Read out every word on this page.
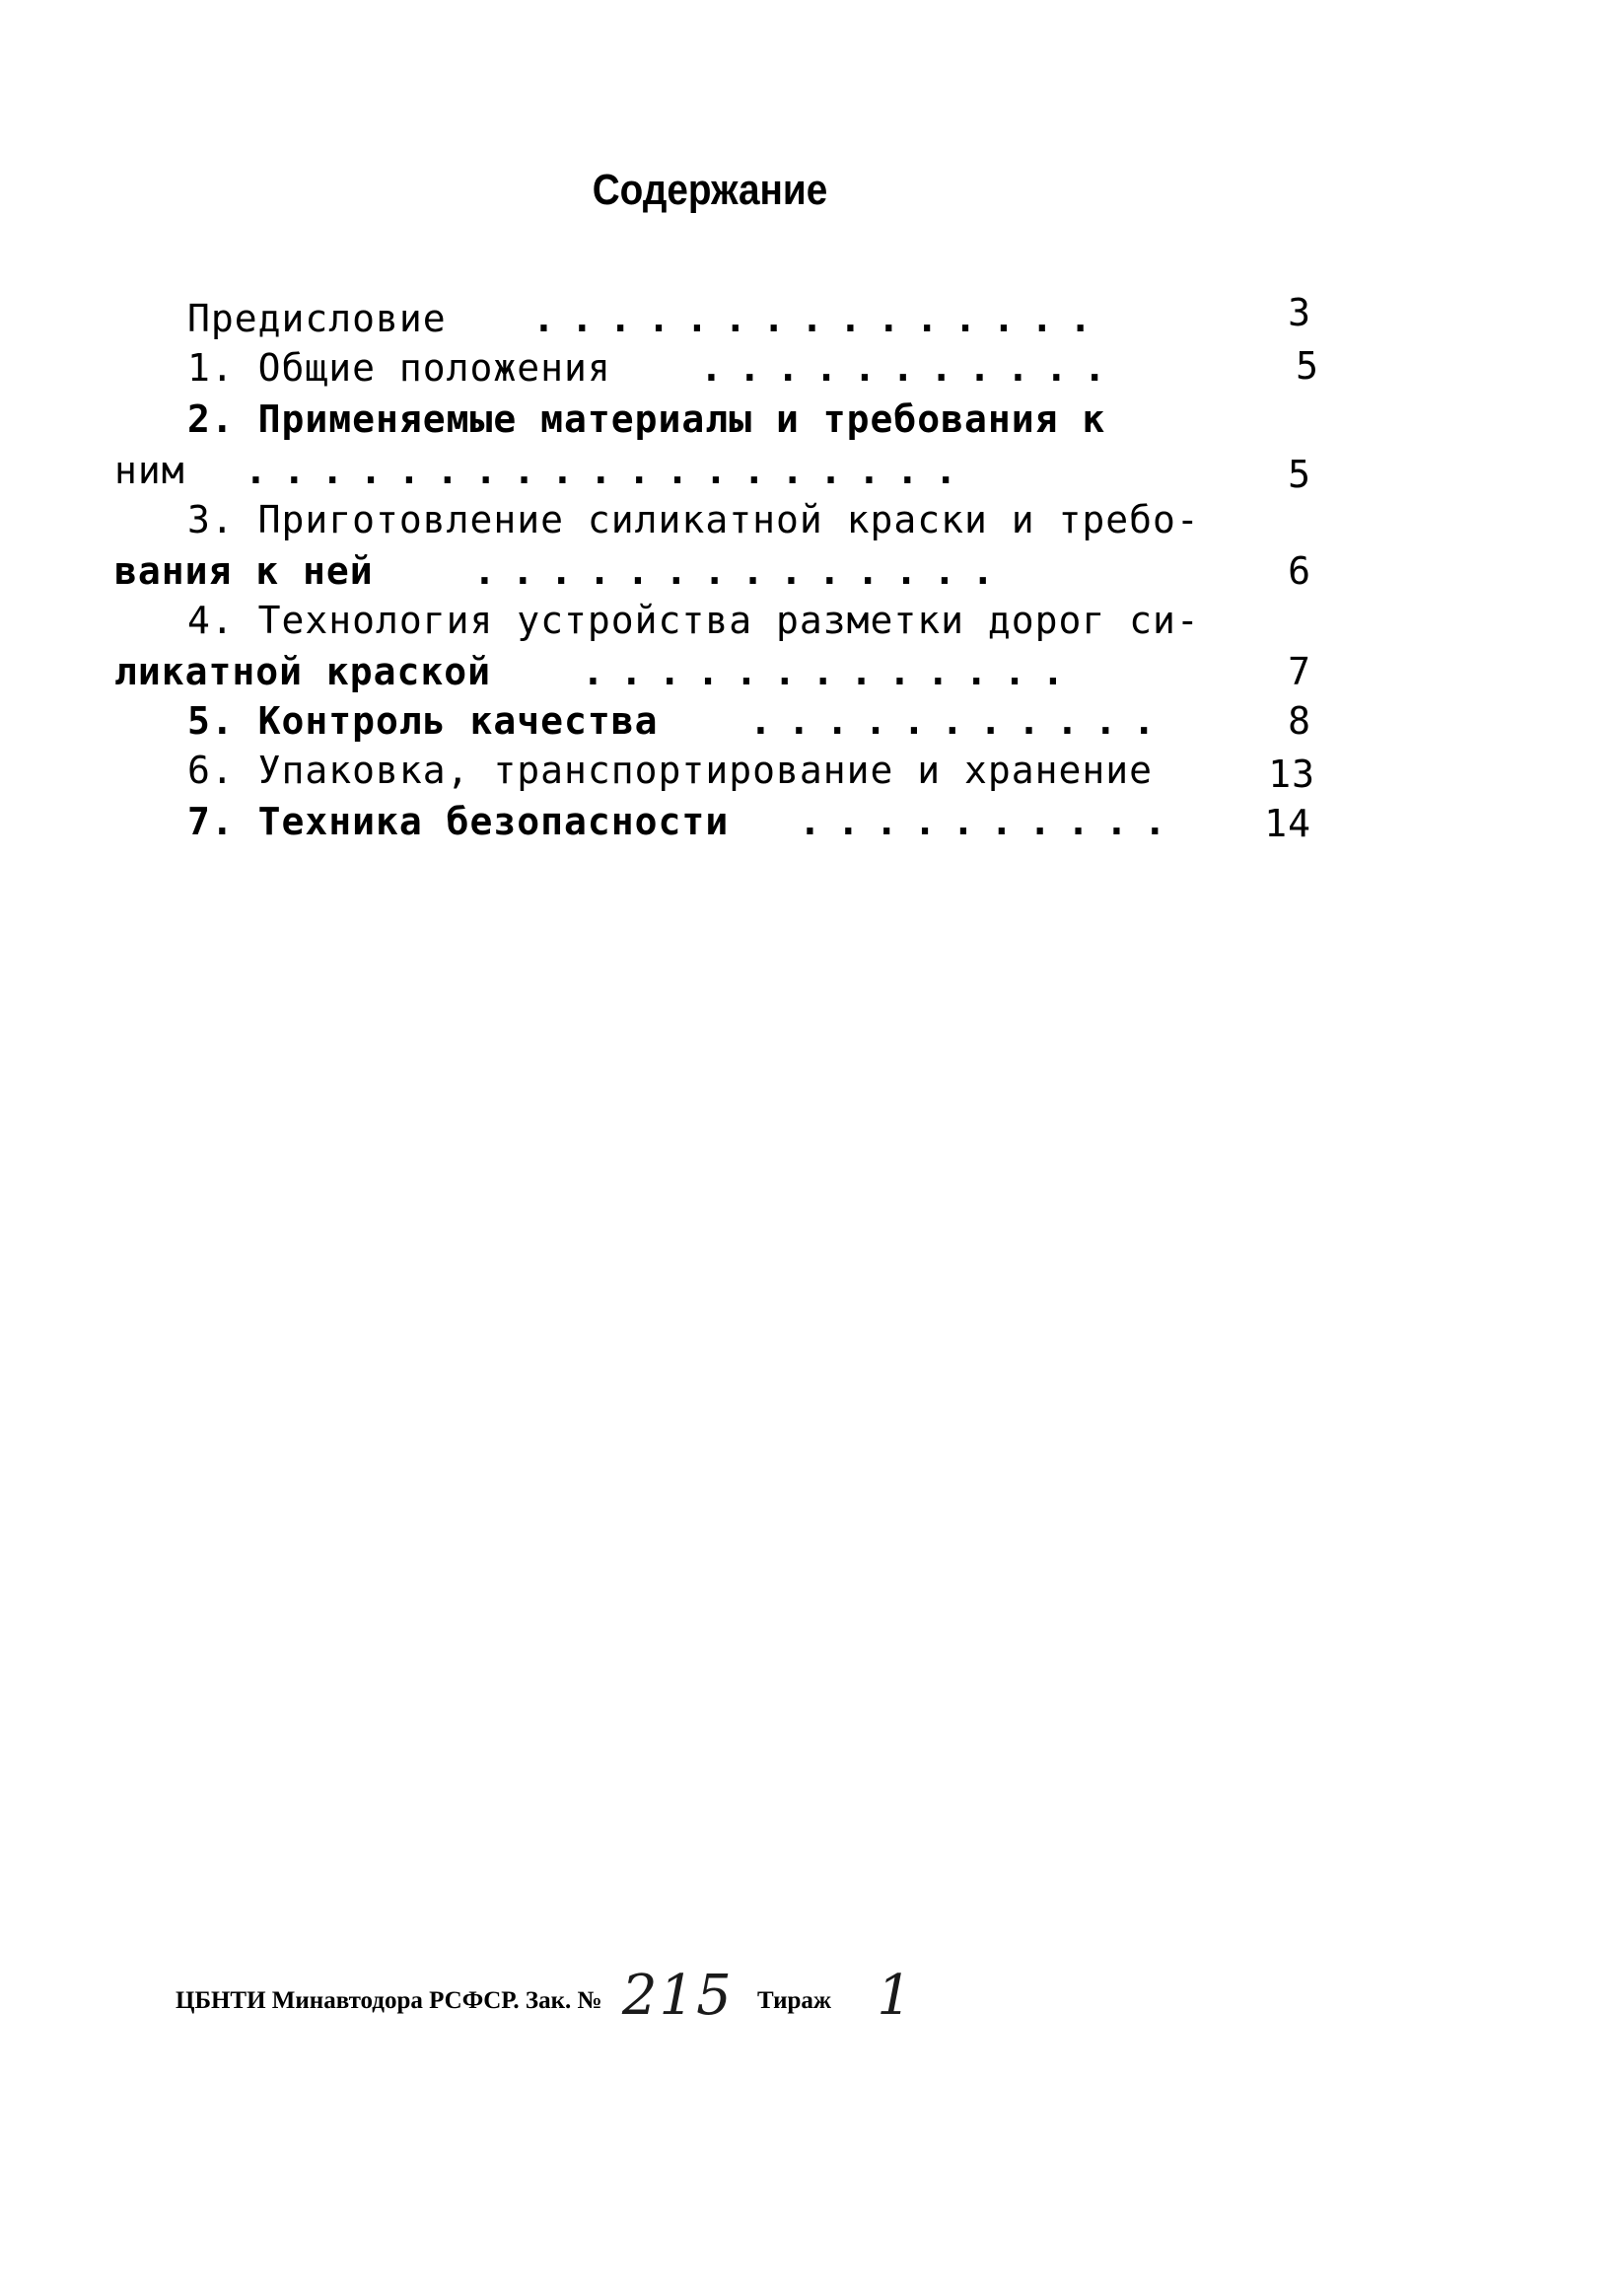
Содержание
Предисловие ...............	3
1. Общие положения ...........	5
2. Применяемые материалы и требования к
ним ...................	5
3. Приготовление силикатной краски и требо-
вания к ней	..............	6
4. Технология устройства разметки дорог си-
ликатной краской .............	7
5. Контроль качества ...........	8
6. Упаковка, транспортирование и хранение	13
7. Техника безопасности ..........	14
ЦБНТИ Минавтодора РСФСР. Зак. № 215 Тираж 1
